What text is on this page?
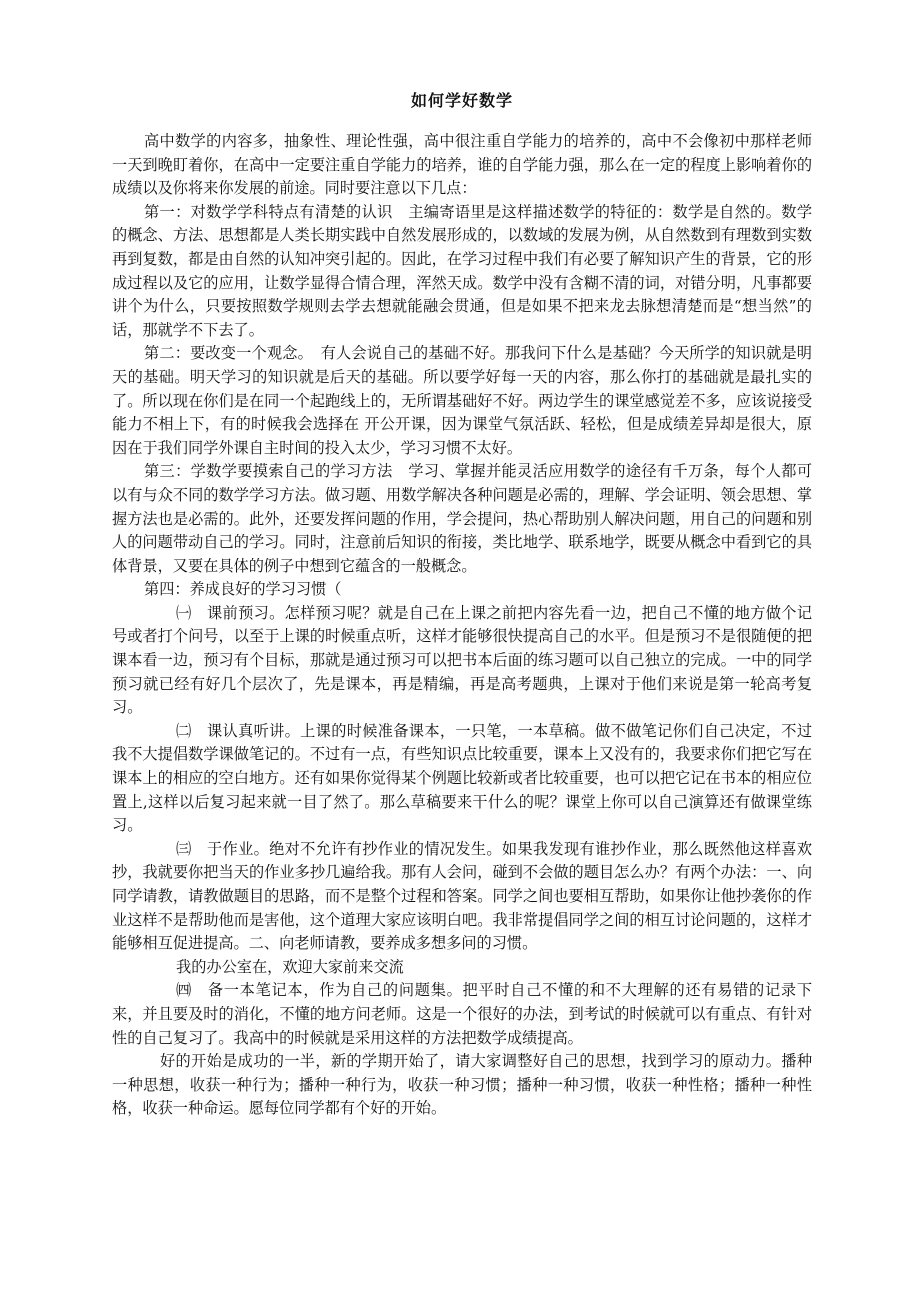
如何学好数学

高中数学的内容多，抽象性、理论性强，高中很注重自学能力的培养的，高中不会像初中那样老师一天到晚盯着你，在高中一定要注重自学能力的培养，谁的自学能力强，那么在一定的程度上影响着你的成绩以及你将来你发展的前途。同时要注意以下几点：

第一：对数学学科特点有清楚的认识　主编寄语里是这样描述数学的特征的：数学是自然的。数学的概念、方法、思想都是人类长期实践中自然发展形成的，以数域的发展为例，从自然数到有理数到实数再到复数，都是由自然的认知冲突引起的。因此，在学习过程中我们有必要了解知识产生的背景，它的形成过程以及它的应用，让数学显得合情合理，浑然天成。数学中没有含糊不清的词，对错分明，凡事都要讲个为什么，只要按照数学规则去学去想就能融会贯通，但是如果不把来龙去脉想清楚而是“想当然”的话，那就学不下去了。

第二：要改变一个观念。　有人会说自己的基础不好。那我问下什么是基础？今天所学的知识就是明天的基础。明天学习的知识就是后天的基础。所以要学好每一天的内容，那么你打的基础就是最扎实的了。所以现在你们是在同一个起跑线上的，无所谓基础好不好。两边学生的课堂感觉差不多，应该说接受能力不相上下，有的时候我会选择在 开公开课，因为课堂气氛活跃、轻松，但是成绩差异却是很大，原因在于我们同学外课自主时间的投入太少，学习习惯不太好。

第三：学数学要摸索自己的学习方法　学习、掌握并能灵活应用数学的途径有千万条，每个人都可以有与众不同的数学学习方法。做习题、用数学解决各种问题是必需的，理解、学会证明、领会思想、掌握方法也是必需的。此外，还要发挥问题的作用，学会提问，热心帮助别人解决问题，用自己的问题和别人的问题带动自己的学习。同时，注意前后知识的衔接，类比地学、联系地学，既要从概念中看到它的具体背景，又要在具体的例子中想到它蕴含的一般概念。

第四：养成良好的学习习惯（

㈠　课前预习。怎样预习呢？就是自己在上课之前把内容先看一边，把自己不懂的地方做个记号或者打个问号，以至于上课的时候重点听，这样才能够很快提高自己的水平。但是预习不是很随便的把课本看一边，预习有个目标，那就是通过预习可以把书本后面的练习题可以自己独立的完成。一中的同学预习就已经有好几个层次了，先是课本，再是精编，再是高考题典，上课对于他们来说是第一轮高考复习。

㈡　课认真听讲。上课的时候准备课本，一只笔，一本草稿。做不做笔记你们自己决定，不过我不大提倡数学课做笔记的。不过有一点，有些知识点比较重要，课本上又没有的，我要求你们把它写在课本上的相应的空白地方。还有如果你觉得某个例题比较新或者比较重要，也可以把它记在书本的相应位置上,这样以后复习起来就一目了然了。那么草稿要来干什么的呢？课堂上你可以自己演算还有做课堂练习。

㈢　于作业。绝对不允许有抄作业的情况发生。如果我发现有谁抄作业，那么既然他这样喜欢抄，我就要你把当天的作业多抄几遍给我。那有人会问，碰到不会做的题目怎么办？有两个办法：一、向同学请教，请教做题目的思路，而不是整个过程和答案。同学之间也要相互帮助，如果你让他抄袭你的作业这样不是帮助他而是害他，这个道理大家应该明白吧。我非常提倡同学之间的相互讨论问题的，这样才能够相互促进提高。二、向老师请教，要养成多想多问的习惯。

我的办公室在，欢迎大家前来交流

㈣　备一本笔记本，作为自己的问题集。把平时自己不懂的和不大理解的还有易错的记录下来，并且要及时的消化，不懂的地方问老师。这是一个很好的办法，到考试的时候就可以有重点、有针对性的自己复习了。我高中的时候就是采用这样的方法把数学成绩提高。

好的开始是成功的一半，新的学期开始了，请大家调整好自己的思想，找到学习的原动力。播种一种思想，收获一种行为；播种一种行为，收获一种习惯；播种一种习惯，收获一种性格；播种一种性格，收获一种命运。愿每位同学都有个好的开始。
